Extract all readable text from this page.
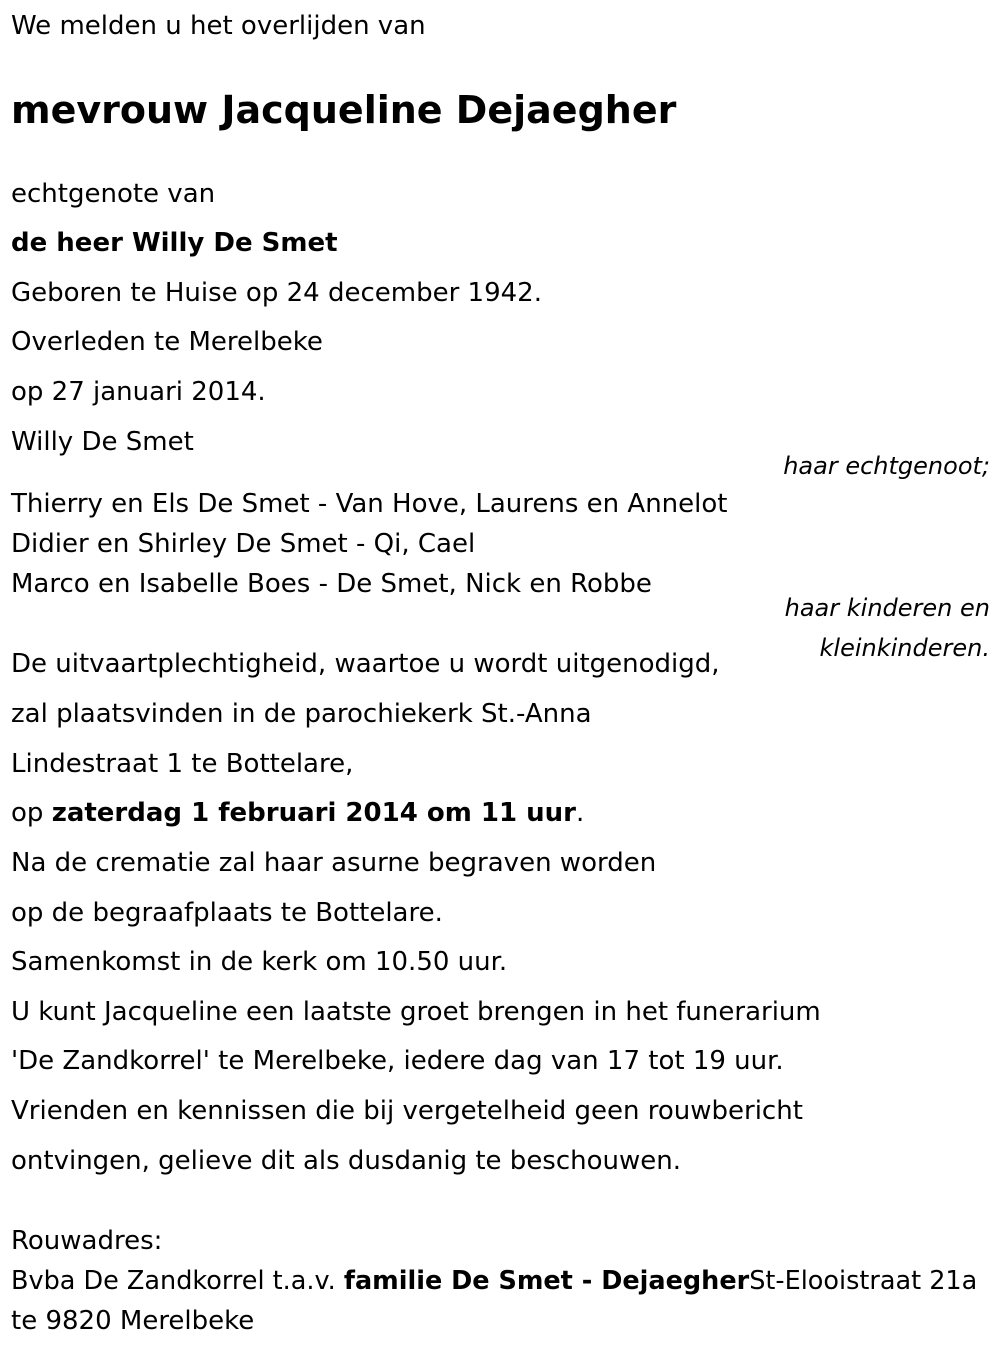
We melden u het overlijden van

mevrouw Jacqueline Dejaegher

echtgenote van

de heer Willy De Smet

Geboren te Huise op 24 december 1942.

Overleden te Merelbeke

op 27 januari 2014.

Willy De Smet

haar echtgenoot;

Thierry en Els De Smet - Van Hove, Laurens en Annelot

Didier en Shirley De Smet - Qi, Cael

Marco en Isabelle Boes - De Smet, Nick en Robbe

haar kinderen en

kleinkinderen.

De uitvaartplechtigheid, waartoe u wordt uitgenodigd,

zal plaatsvinden in de parochiekerk St.-Anna

Lindestraat 1 te Bottelare,

op zaterdag 1 februari 2014 om 11 uur.

Na de crematie zal haar asurne begraven worden

op de begraafplaats te Bottelare.

Samenkomst in de kerk om 10.50 uur.

U kunt Jacqueline een laatste groet brengen in het funerarium

'De Zandkorrel' te Merelbeke, iedere dag van 17 tot 19 uur.

Vrienden en kennissen die bij vergetelheid geen rouwbericht

ontvingen, gelieve dit als dusdanig te beschouwen.

Rouwadres:

Bvba De Zandkorrel t.a.v. familie De Smet - DejaegherSt-Elooistraat 21a

te 9820 Merelbeke
